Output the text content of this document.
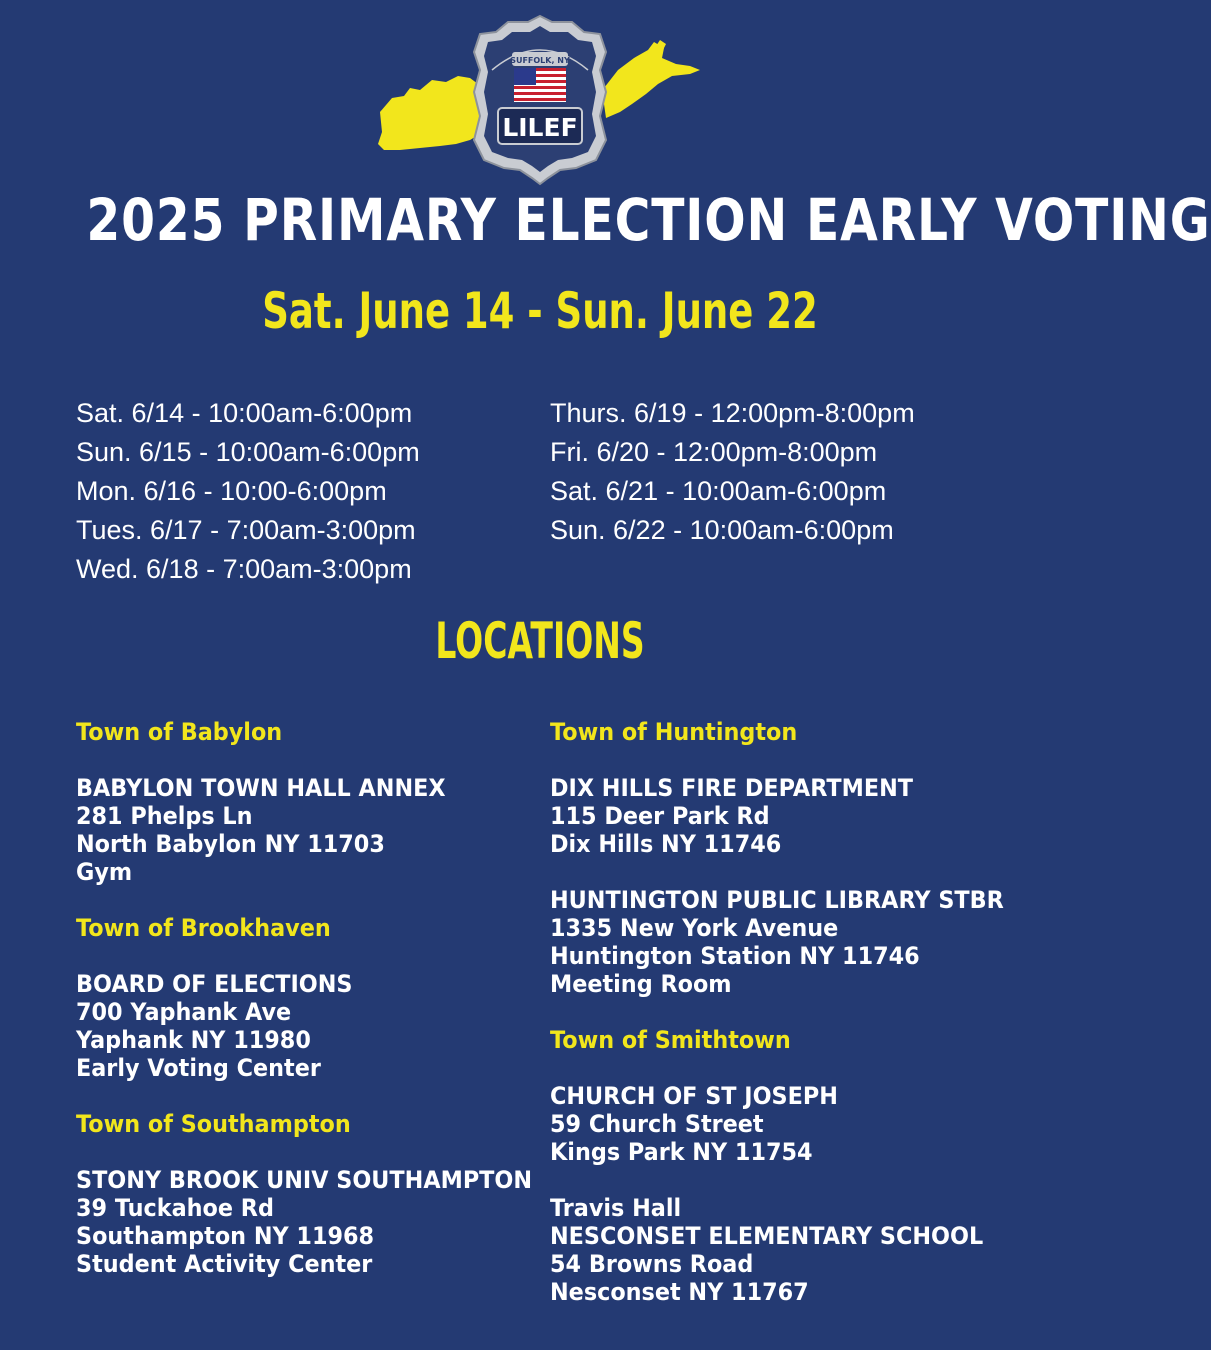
SUFFOLK, NY
LILEF
2025 PRIMARY ELECTION EARLY VOTING
Sat. June 14 - Sun. June 22
Sat. 6/14 - 10:00am-6:00pm
Sun. 6/15 - 10:00am-6:00pm
Mon. 6/16 - 10:00-6:00pm
Tues. 6/17 - 7:00am-3:00pm
Wed. 6/18 - 7:00am-3:00pm
Thurs. 6/19 - 12:00pm-8:00pm
Fri. 6/20 - 12:00pm-8:00pm
Sat. 6/21 - 10:00am-6:00pm
Sun. 6/22 - 10:00am-6:00pm
LOCATIONS
Town of Babylon
BABYLON TOWN HALL ANNEX
281 Phelps Ln
North Babylon NY 11703
Gym
Town of Brookhaven
BOARD OF ELECTIONS
700 Yaphank Ave
Yaphank NY 11980
Early Voting Center
Town of Southampton
STONY BROOK UNIV SOUTHAMPTON
39 Tuckahoe Rd
Southampton NY 11968
Student Activity Center
Town of Huntington
DIX HILLS FIRE DEPARTMENT
115 Deer Park Rd
Dix Hills NY 11746
HUNTINGTON PUBLIC LIBRARY STBR
1335 New York Avenue
Huntington Station NY 11746
Meeting Room
Town of Smithtown
CHURCH OF ST JOSEPH
59 Church Street
Kings Park NY 11754
Travis Hall
NESCONSET ELEMENTARY SCHOOL
54 Browns Road
Nesconset NY 11767
